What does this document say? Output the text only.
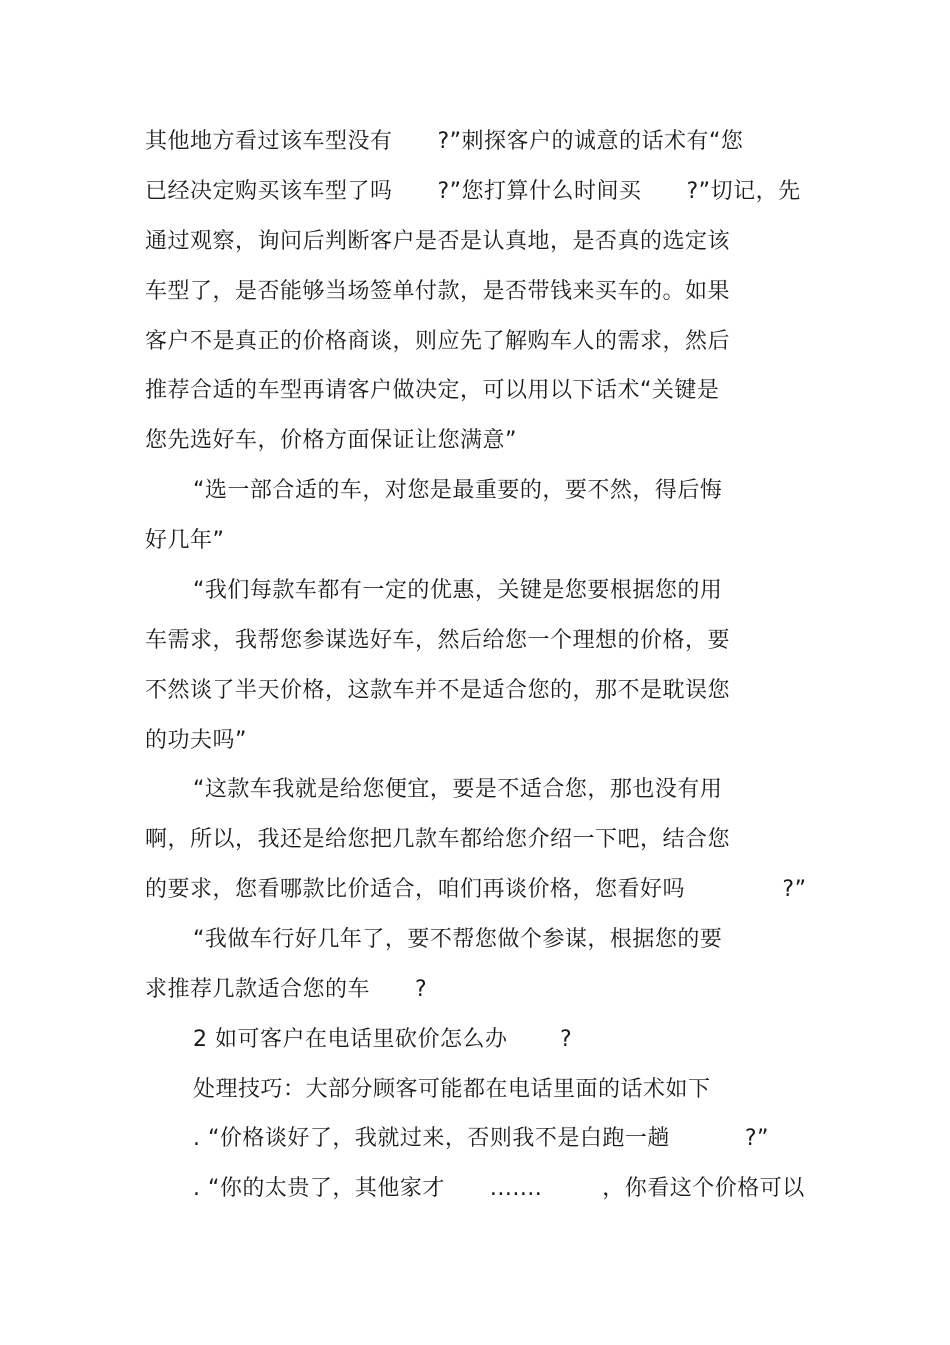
其他地方看过该车型没有      ?”刺探客户的诚意的话术有“您
已经决定购买该车型了吗      ?”您打算什么时间买      ?”切记，先
通过观察，询问后判断客户是否是认真地，是否真的选定该
车型了，是否能够当场签单付款，是否带钱来买车的。如果
客户不是真正的价格商谈，则应先了解购车人的需求，然后
推荐合适的车型再请客户做决定，可以用以下话术“关键是
您先选好车，价格方面保证让您满意”
“选一部合适的车，对您是最重要的，要不然，得后悔
好几年”
“我们每款车都有一定的优惠，关键是您要根据您的用
车需求，我帮您参谋选好车，然后给您一个理想的价格，要
不然谈了半天价格，这款车并不是适合您的，那不是耽误您
的功夫吗”
“这款车我就是给您便宜，要是不适合您，那也没有用
啊，所以，我还是给您把几款车都给您介绍一下吧，结合您
的要求，您看哪款比价适合，咱们再谈价格，您看好吗             ?”
“我做车行好几年了，要不帮您做个参谋，根据您的要
求推荐几款适合您的车      ?
2 如可客户在电话里砍价怎么办       ?
处理技巧：大部分顾客可能都在电话里面的话术如下
. “价格谈好了，我就过来，否则我不是白跑一趟          ?”
. “你的太贵了，其他家才      .......        ，你看这个价格可以
